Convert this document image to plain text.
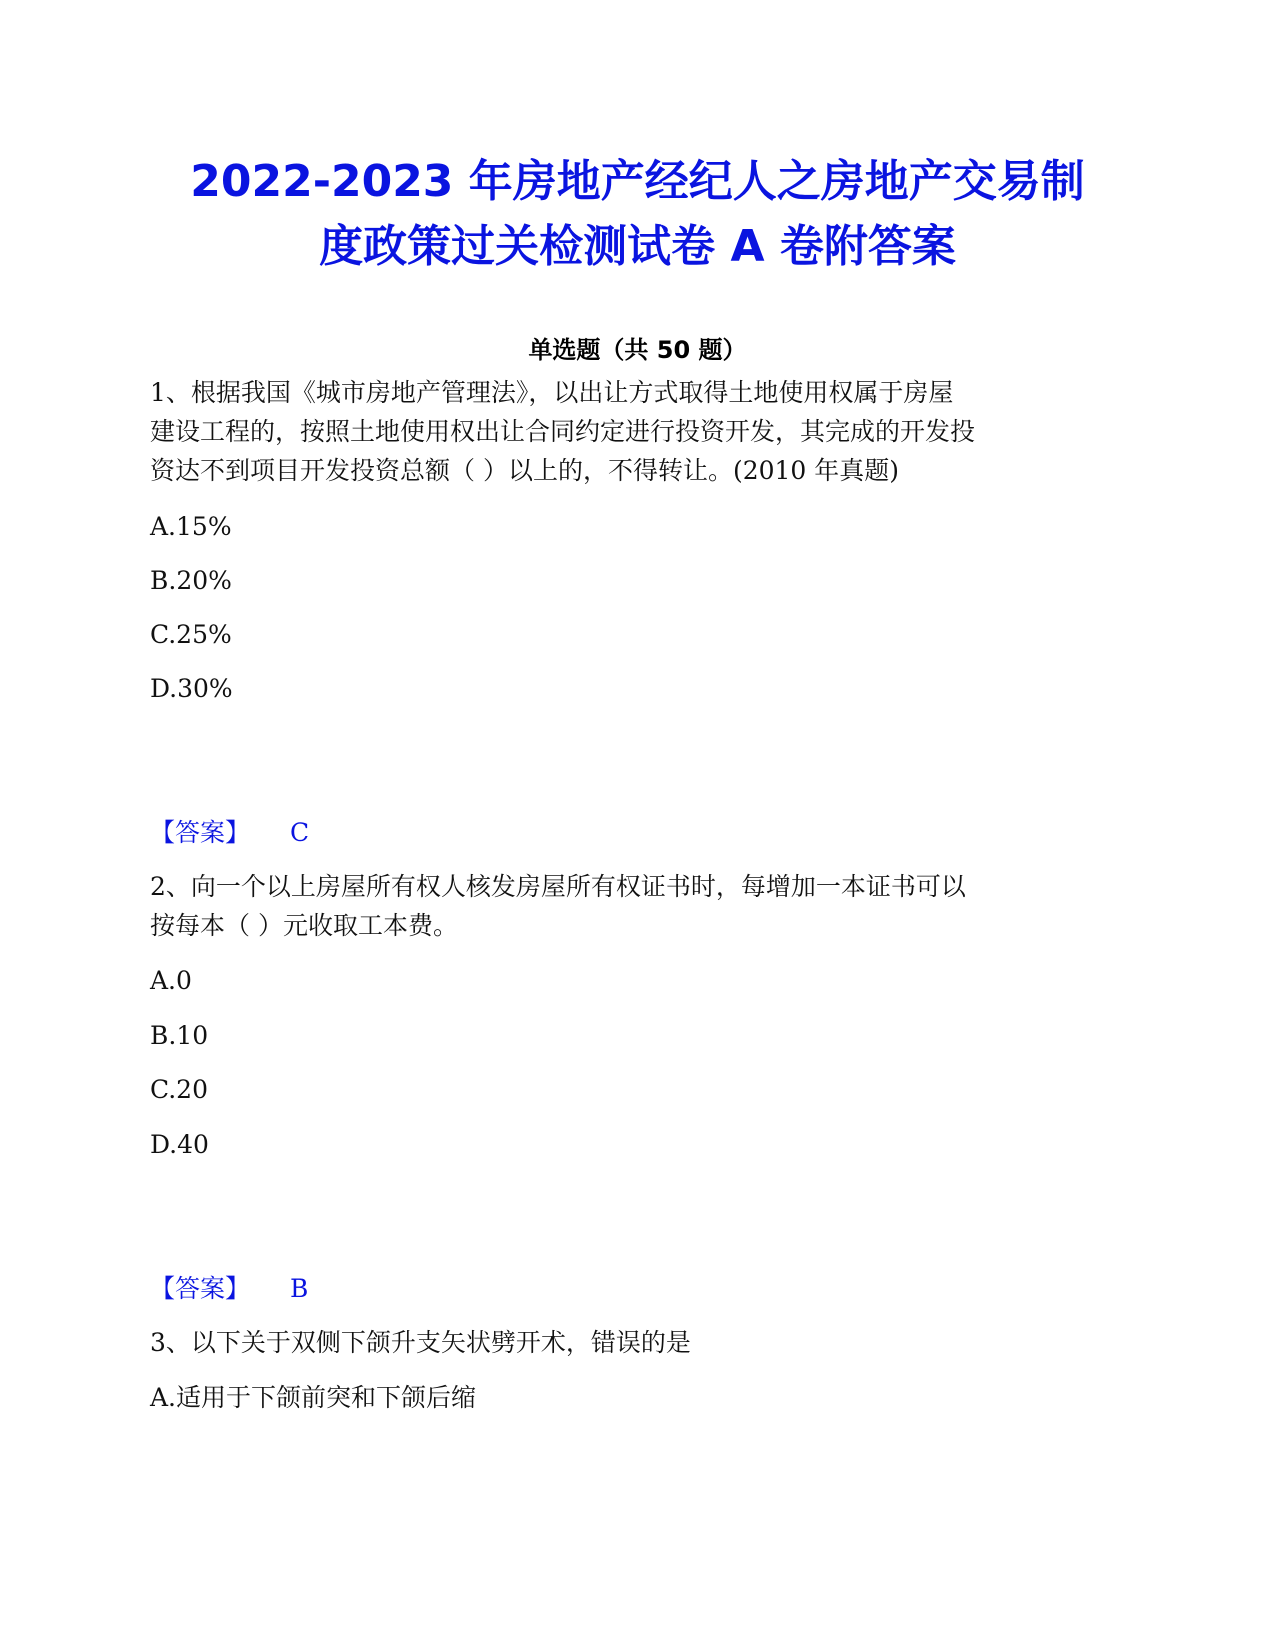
2022-2023 年房地产经纪人之房地产交易制
度政策过关检测试卷 A 卷附答案
单选题（共 50 题）

1、根据我国《城市房地产管理法》，以出让方式取得土地使用权属于房屋

建设工程的，按照土地使用权出让合同约定进行投资开发，其完成的开发投

资达不到项目开发投资总额（ ）以上的，不得转让。(2010 年真题)

A.15%

B.20%

C.25%

D.30%

【答案】 C

2、向一个以上房屋所有权人核发房屋所有权证书时，每增加一本证书可以

按每本（ ）元收取工本费。

A.0

B.10

C.20

D.40

【答案】 B

3、以下关于双侧下颌升支矢状劈开术，错误的是

A.适用于下颌前突和下颌后缩
